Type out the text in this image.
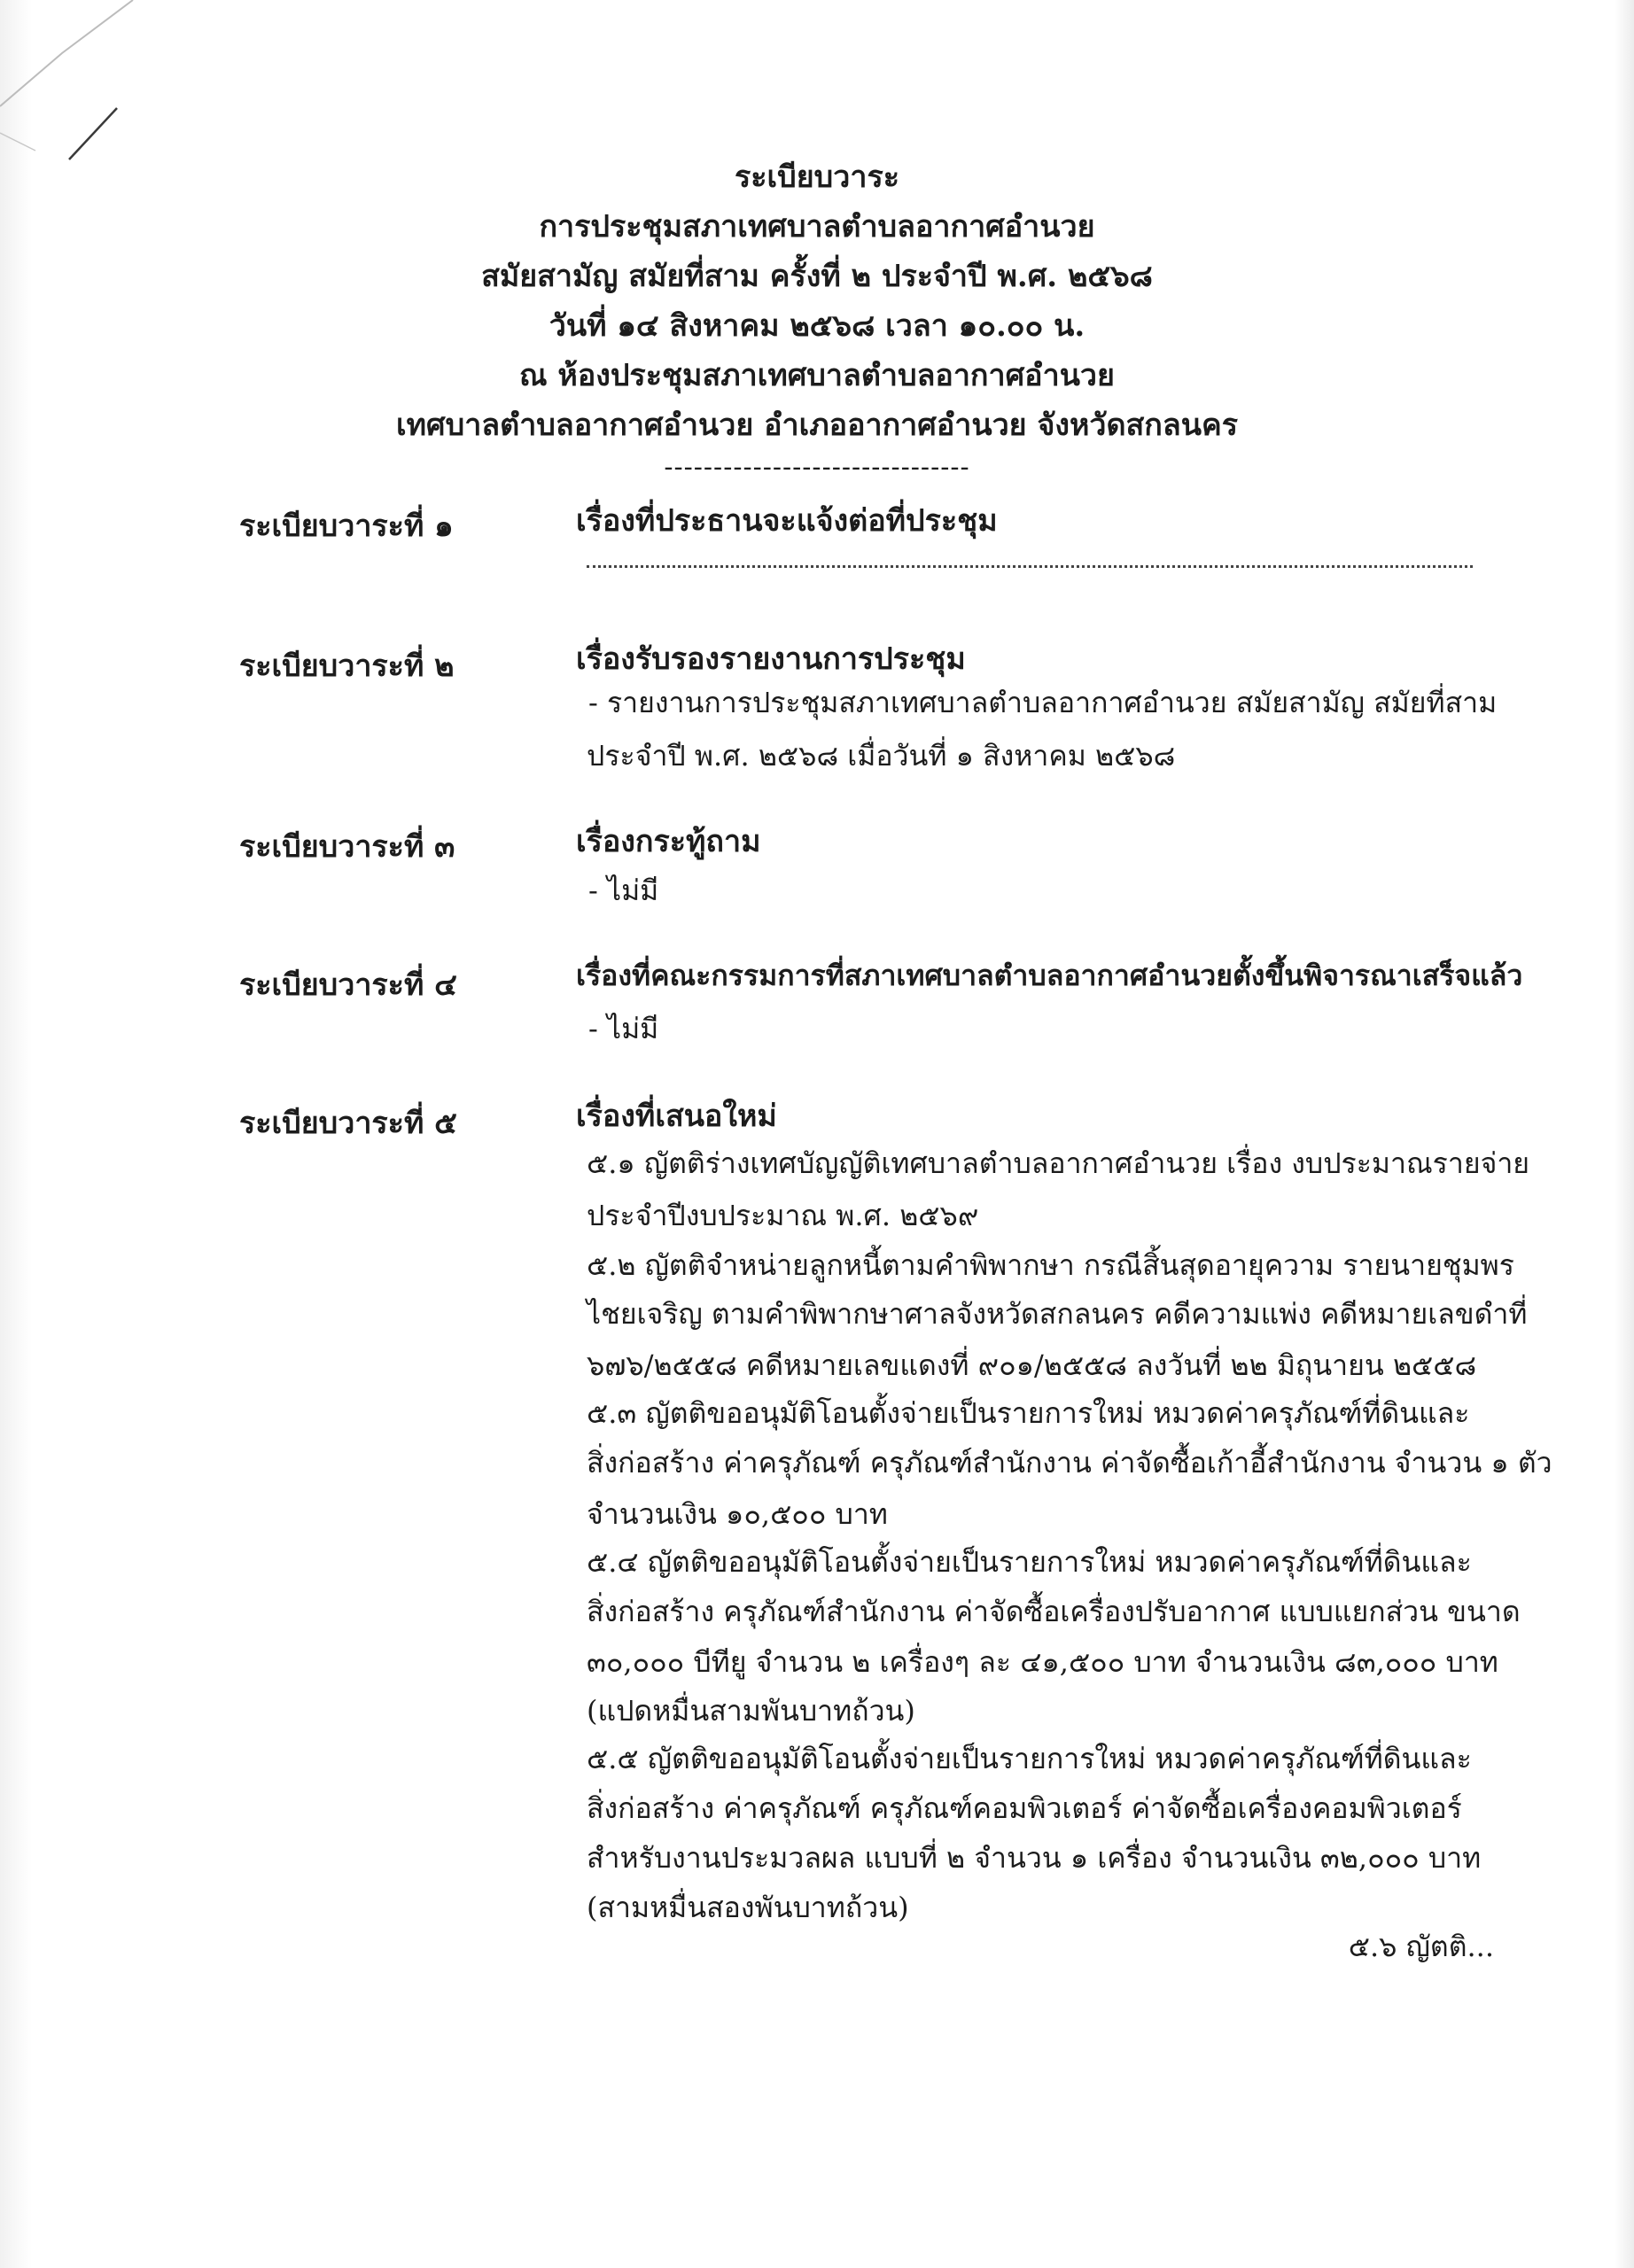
ระเบียบวาระ
การประชุมสภาเทศบาลตำบลอากาศอำนวย
สมัยสามัญ สมัยที่สาม ครั้งที่ ๒ ประจำปี พ.ศ. ๒๕๖๘
วันที่ ๑๔ สิงหาคม ๒๕๖๘ เวลา ๑๐.๐๐ น.
ณ ห้องประชุมสภาเทศบาลตำบลอากาศอำนวย
เทศบาลตำบลอากาศอำนวย อำเภออากาศอำนวย จังหวัดสกลนคร
-------------------------------
ระเบียบวาระที่ ๑	เรื่องที่ประธานจะแจ้งต่อที่ประชุม
ระเบียบวาระที่ ๒	เรื่องรับรองรายงานการประชุม
- รายงานการประชุมสภาเทศบาลตำบลอากาศอำนวย สมัยสามัญ สมัยที่สาม
ประจำปี พ.ศ. ๒๕๖๘ เมื่อวันที่ ๑ สิงหาคม ๒๕๖๘
ระเบียบวาระที่ ๓	เรื่องกระทู้ถาม
- ไม่มี
ระเบียบวาระที่ ๔	เรื่องที่คณะกรรมการที่สภาเทศบาลตำบลอากาศอำนวยตั้งขึ้นพิจารณาเสร็จแล้ว
- ไม่มี
ระเบียบวาระที่ ๕	เรื่องที่เสนอใหม่
๕.๑ ญัตติร่างเทศบัญญัติเทศบาลตำบลอากาศอำนวย เรื่อง งบประมาณรายจ่าย
ประจำปีงบประมาณ พ.ศ. ๒๕๖๙
๕.๒ ญัตติจำหน่ายลูกหนี้ตามคำพิพากษา กรณีสิ้นสุดอายุความ รายนายชุมพร
ไชยเจริญ ตามคำพิพากษาศาลจังหวัดสกลนคร คดีความแพ่ง คดีหมายเลขดำที่
๖๗๖/๒๕๕๘ คดีหมายเลขแดงที่ ๙๐๑/๒๕๕๘ ลงวันที่ ๒๒ มิถุนายน ๒๕๕๘
๕.๓ ญัตติขออนุมัติโอนตั้งจ่ายเป็นรายการใหม่ หมวดค่าครุภัณฑ์ที่ดินและ
สิ่งก่อสร้าง ค่าครุภัณฑ์ ครุภัณฑ์สำนักงาน ค่าจัดซื้อเก้าอี้สำนักงาน จำนวน ๑ ตัว
จำนวนเงิน ๑๐,๕๐๐ บาท
๕.๔ ญัตติขออนุมัติโอนตั้งจ่ายเป็นรายการใหม่ หมวดค่าครุภัณฑ์ที่ดินและ
สิ่งก่อสร้าง ครุภัณฑ์สำนักงาน ค่าจัดซื้อเครื่องปรับอากาศ แบบแยกส่วน ขนาด
๓๐,๐๐๐ บีทียู จำนวน ๒ เครื่องๆ ละ ๔๑,๕๐๐ บาท จำนวนเงิน ๘๓,๐๐๐ บาท
(แปดหมื่นสามพันบาทถ้วน)
๕.๕ ญัตติขออนุมัติโอนตั้งจ่ายเป็นรายการใหม่ หมวดค่าครุภัณฑ์ที่ดินและ
สิ่งก่อสร้าง ค่าครุภัณฑ์ ครุภัณฑ์คอมพิวเตอร์ ค่าจัดซื้อเครื่องคอมพิวเตอร์
สำหรับงานประมวลผล แบบที่ ๒ จำนวน ๑ เครื่อง จำนวนเงิน ๓๒,๐๐๐ บาท
(สามหมื่นสองพันบาทถ้วน)
๕.๖ ญัตติ...
